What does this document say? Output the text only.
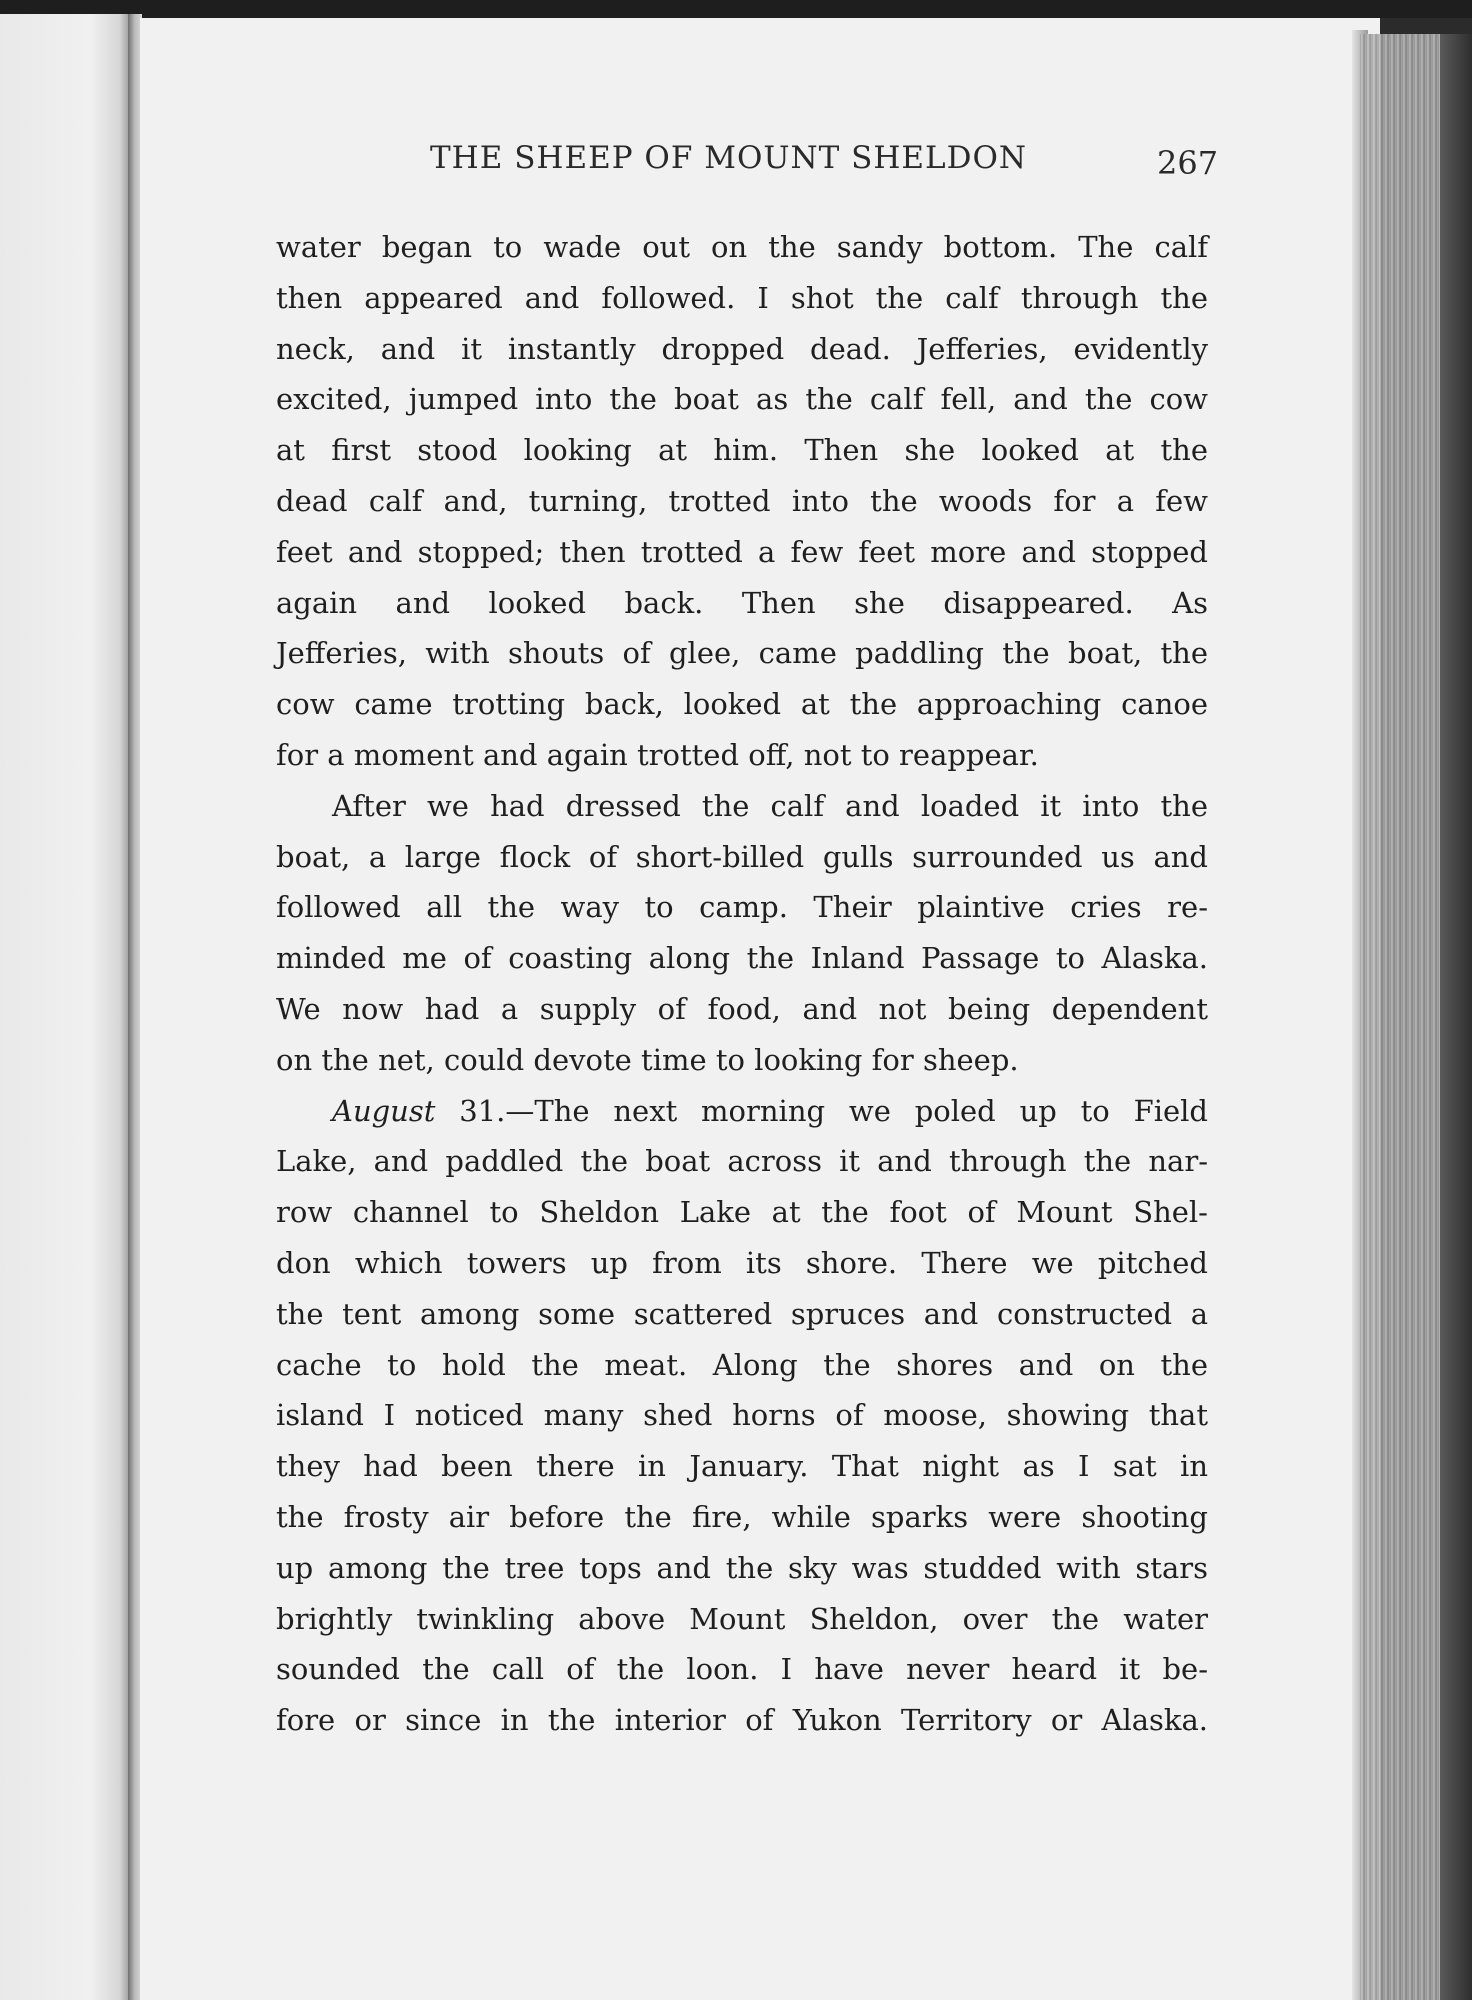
THE SHEEP OF MOUNT SHELDON	267
water began to wade out on the sandy bottom. The calf
then appeared and followed. I shot the calf through the
neck, and it instantly dropped dead. Jefferies, evidently
excited, jumped into the boat as the calf fell, and the cow
at first stood looking at him. Then she looked at the
dead calf and, turning, trotted into the woods for a few
feet and stopped; then trotted a few feet more and stopped
again and looked back. Then she disappeared. As
Jefferies, with shouts of glee, came paddling the boat, the
cow came trotting back, looked at the approaching canoe
for a moment and again trotted off, not to reappear.
After we had dressed the calf and loaded it into the
boat, a large flock of short-billed gulls surrounded us and
followed all the way to camp. Their plaintive cries re-
minded me of coasting along the Inland Passage to Alaska.
We now had a supply of food, and not being dependent
on the net, could devote time to looking for sheep.
August 31.—The next morning we poled up to Field
Lake, and paddled the boat across it and through the nar-
row channel to Sheldon Lake at the foot of Mount Shel-
don which towers up from its shore. There we pitched
the tent among some scattered spruces and constructed a
cache to hold the meat. Along the shores and on the
island I noticed many shed horns of moose, showing that
they had been there in January. That night as I sat in
the frosty air before the fire, while sparks were shooting
up among the tree tops and the sky was studded with stars
brightly twinkling above Mount Sheldon, over the water
sounded the call of the loon. I have never heard it be-
fore or since in the interior of Yukon Territory or Alaska.
